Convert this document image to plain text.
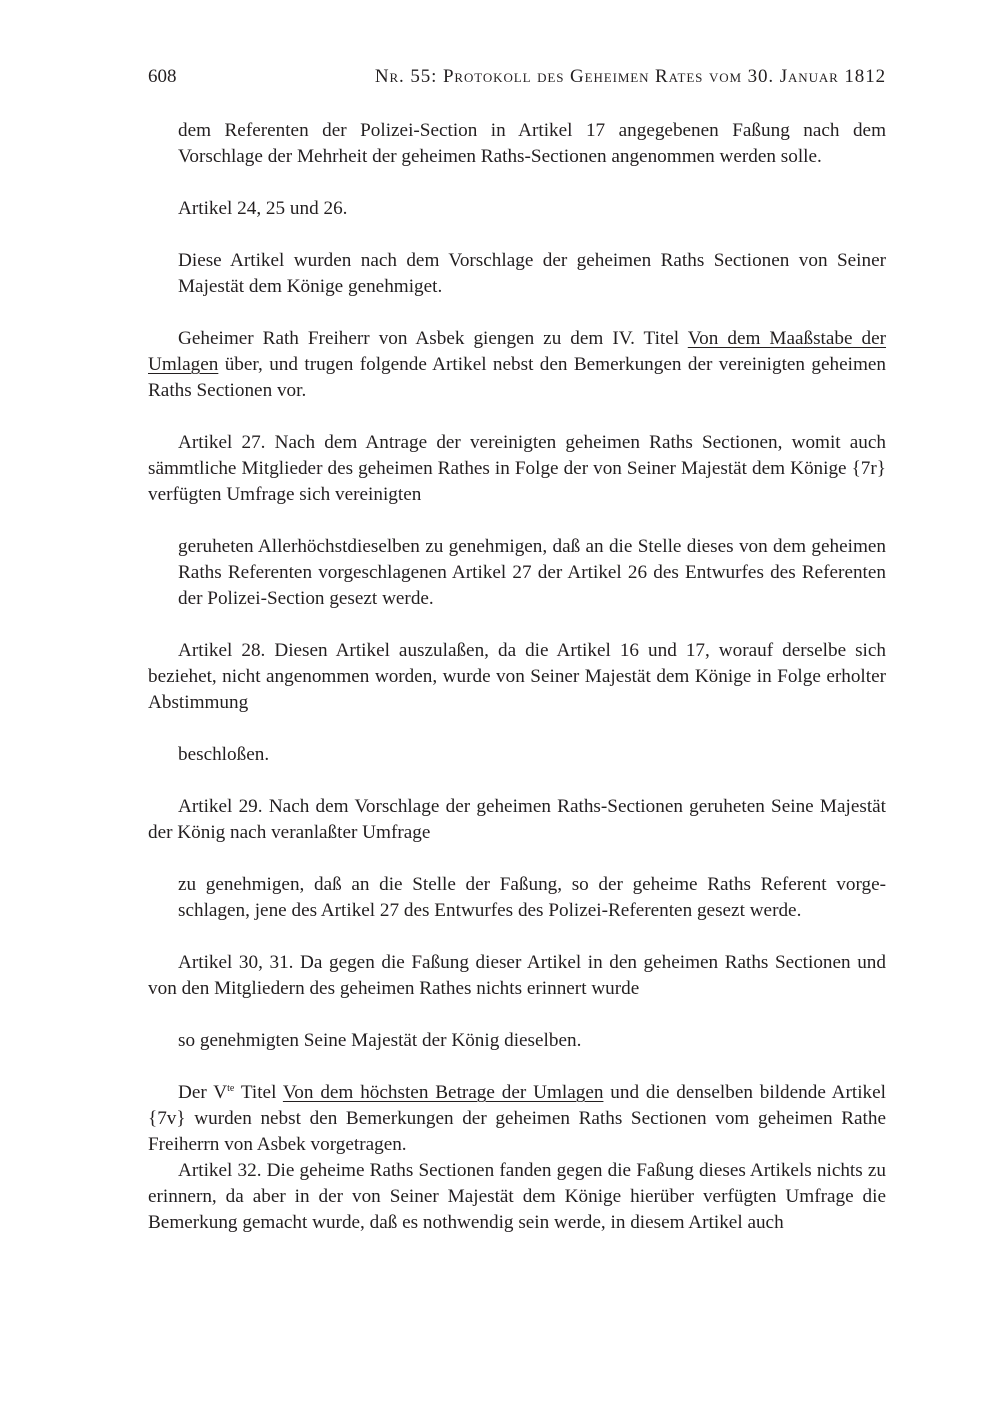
608	Nr. 55: Protokoll des Geheimen Rates vom 30. Januar 1812

dem Referenten der Polizei-Section in Artikel 17 angegebenen Faßung nach dem Vorschlage der Mehrheit der geheimen Raths-Sectionen angenommen werden solle.

Artikel 24, 25 und 26.

Diese Artikel wurden nach dem Vorschlage der geheimen Raths Sectionen von Seiner Majestät dem Könige genehmiget.

Geheimer Rath Freiherr von Asbek giengen zu dem IV. Titel Von dem Maaßstabe der Umlagen über, und trugen folgende Artikel nebst den Bemerkungen der vereinigten geheimen Raths Sectionen vor.

Artikel 27. Nach dem Antrage der vereinigten geheimen Raths Sectionen, womit auch sämmtliche Mitglieder des geheimen Rathes in Folge der von Seiner Majestät dem Könige {7r} verfügten Umfrage sich vereinigten

geruheten Allerhöchstdieselben zu genehmigen, daß an die Stelle dieses von dem geheimen Raths Referenten vorgeschlagenen Artikel 27 der Artikel 26 des Entwurfes des Referenten der Polizei-Section gesezt werde.

Artikel 28. Diesen Artikel auszulaßen, da die Artikel 16 und 17, worauf derselbe sich beziehet, nicht angenommen worden, wurde von Seiner Majestät dem Könige in Folge erholter Abstimmung

beschloßen.

Artikel 29. Nach dem Vorschlage der geheimen Raths-Sectionen geruheten Seine Majestät der König nach veranlaßter Umfrage

zu genehmigen, daß an die Stelle der Faßung, so der geheime Raths Referent vorgeschlagen, jene des Artikel 27 des Entwurfes des Polizei-Referenten gesezt werde.

Artikel 30, 31. Da gegen die Faßung dieser Artikel in den geheimen Raths Sectionen und von den Mitgliedern des geheimen Rathes nichts erinnert wurde

so genehmigten Seine Majestät der König dieselben.

Der $V^{te}$ Titel Von dem höchsten Betrage der Umlagen und die denselben bildende Artikel {7v} wurden nebst den Bemerkungen der geheimen Raths Sectionen vom geheimen Rathe Freiherrn von Asbek vorgetragen.

Artikel 32. Die geheime Raths Sectionen fanden gegen die Faßung dieses Artikels nichts zu erinnern, da aber in der von Seiner Majestät dem Könige hierüber verfügten Umfrage die Bemerkung gemacht wurde, daß es nothwendig sein werde, in diesem Artikel auch
